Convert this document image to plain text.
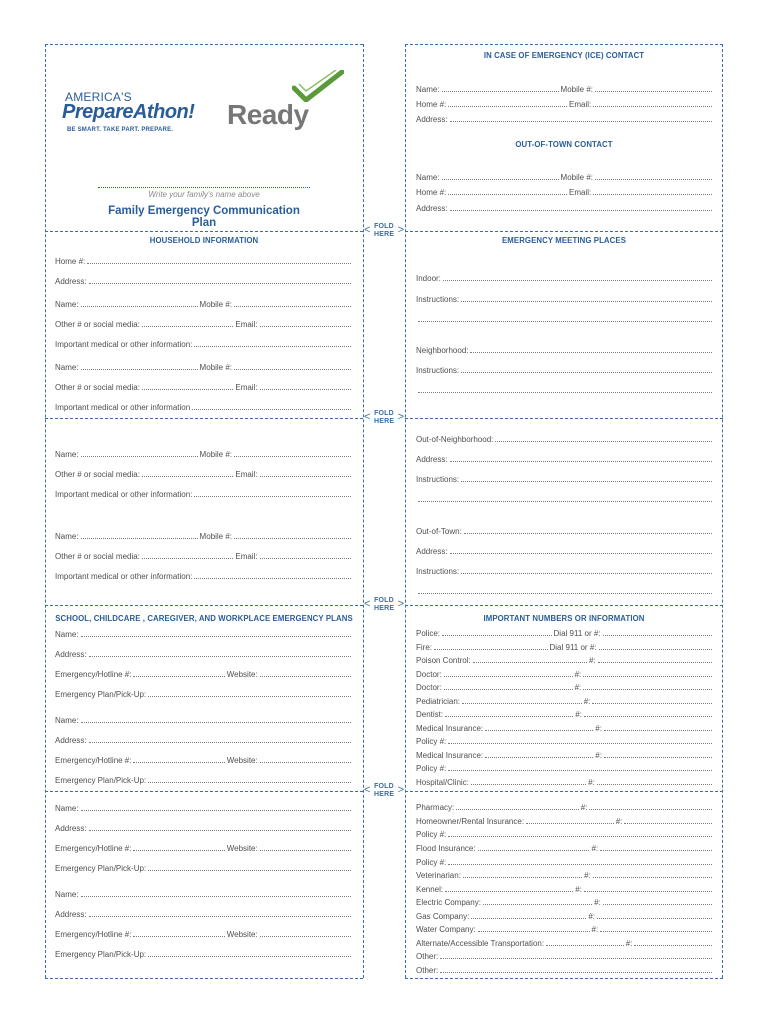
< FOLD
HERE >
< FOLD
HERE >
< FOLD
HERE >
< FOLD
HERE >
AMERICA'S
PrepareAthon!
BE SMART. TAKE PART. PREPARE. Ready
Write your family's name above
Family Emergency Communication Plan
IN CASE OF EMERGENCY (ICE) CONTACT
Name:	Mobile #:
Home #:	Email:
Address:
OUT-OF-TOWN CONTACT
Name:	Mobile #:
Home #:	Email:
Address:
HOUSEHOLD INFORMATION
Home #:
Address:
Name:	Mobile #:
Other # or social media:	Email:
Important medical or other information:
Name:	Mobile #:
Other # or social media:	Email:
Important medical or other information
Name:	Mobile #:
Other # or social media:	Email:
Important medical or other information:
Name:	Mobile #:
Other # or social media:	Email:
Important medical or other information:
EMERGENCY MEETING PLACES
Indoor:
Instructions:
Neighborhood:
Instructions:
Out-of-Neighborhood:
Address:
Instructions:
Out-of-Town:
Address:
Instructions:
SCHOOL, CHILDCARE , CAREGIVER, AND WORKPLACE EMERGENCY PLANS
Name:
Address:
Emergency/Hotline #:	Website:
Emergency Plan/Pick-Up:
Name:
Address:
Emergency/Hotline #:	Website:
Emergency Plan/Pick-Up:
Name:
Address:
Emergency/Hotline #:	Website:
Emergency Plan/Pick-Up:
Name:
Address:
Emergency/Hotline #:	Website:
Emergency Plan/Pick-Up:
IMPORTANT NUMBERS OR INFORMATION
Police:	Dial 911 or #:
Fire:	Dial 911 or #:
Poison Control:	#:
Doctor:	#:
Doctor:	#:
Pediatrician:	#:
Dentist:	#:
Medical Insurance:	#:
Policy #:
Medical Insurance:	#:
Policy #:
Hospital/Clinic:	#:
Pharmacy:	#:
Homeowner/Rental Insurance:	#:
Policy #:
Flood Insurance:	#:
Policy #:
Veterinarian:	#:
Kennel:	#:
Electric Company:	#:
Gas Company:	#:
Water Company:	#:
Alternate/Accessible Transportation:	#:
Other:
Other:
